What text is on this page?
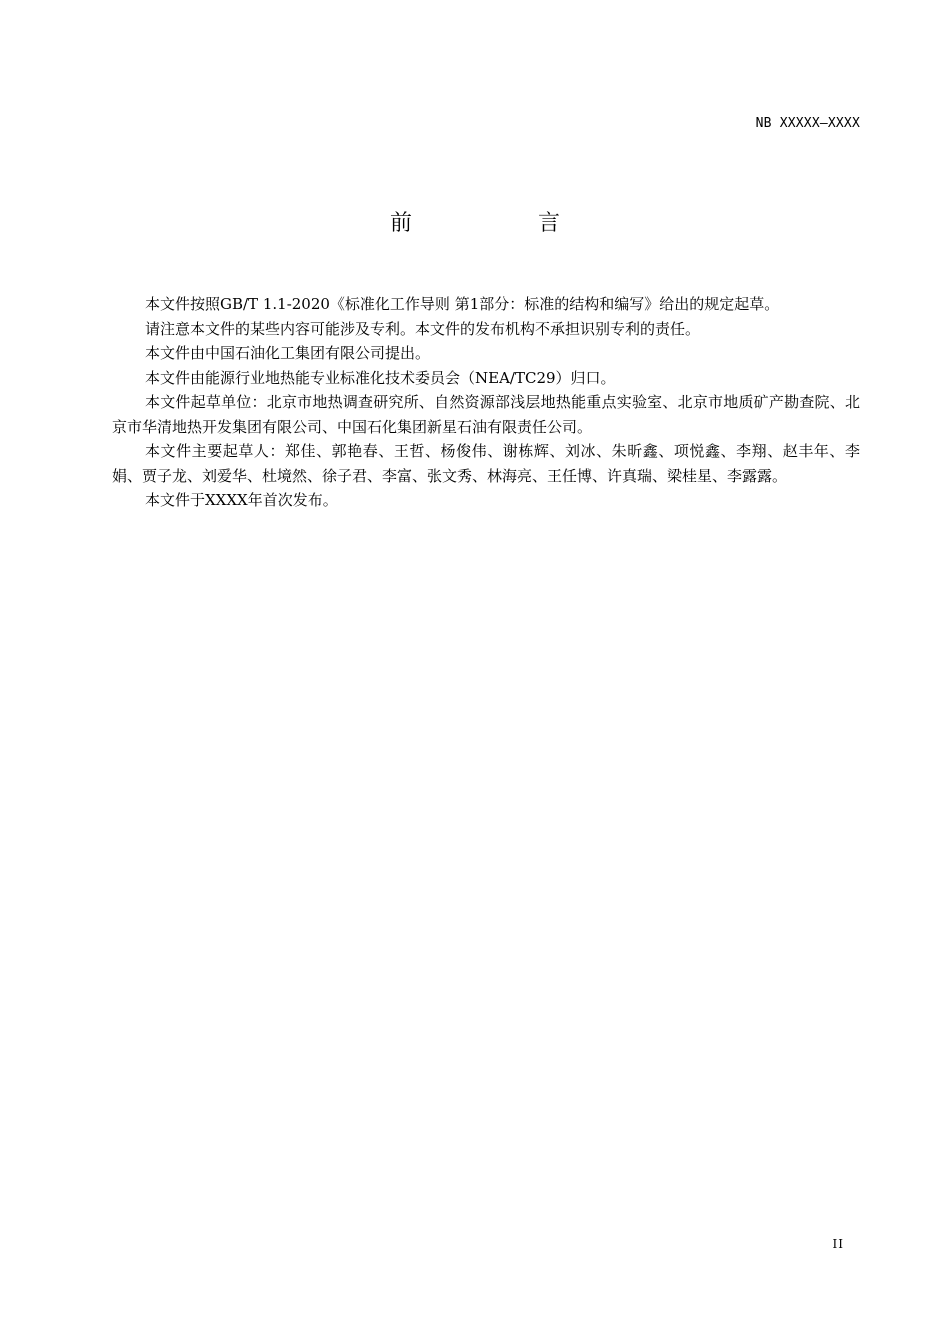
NB XXXXX—XXXX
前　言

本文件按照GB/T 1.1-2020《标准化工作导则 第1部分：标准的结构和编写》给出的规定起草。

请注意本文件的某些内容可能涉及专利。本文件的发布机构不承担识别专利的责任。

本文件由中国石油化工集团有限公司提出。

本文件由能源行业地热能专业标准化技术委员会（NEA/TC29）归口。

本文件起草单位：北京市地热调查研究所、自然资源部浅层地热能重点实验室、北京市地质矿产勘查院、北京市华清地热开发集团有限公司、中国石化集团新星石油有限责任公司。

本文件主要起草人：郑佳、郭艳春、王哲、杨俊伟、谢栋辉、刘冰、朱昕鑫、项悦鑫、李翔、赵丰年、李娟、贾子龙、刘爱华、杜境然、徐子君、李富、张文秀、林海亮、王任博、许真瑞、梁桂星、李露露。

本文件于XXXX年首次发布。

II
